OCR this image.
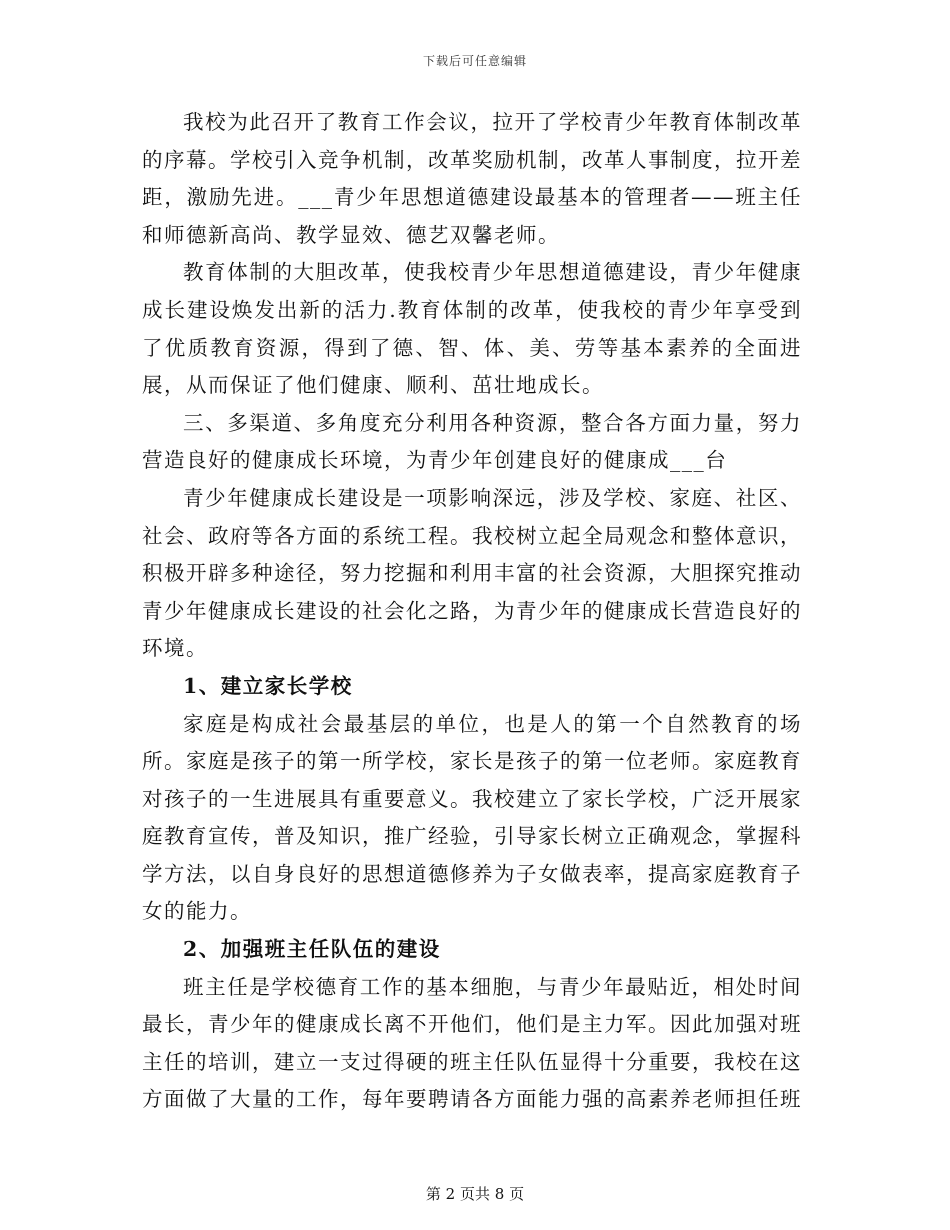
下载后可任意编辑

我校为此召开了教育工作会议，拉开了学校青少年教育体制改革的序幕。学校引入竞争机制，改革奖励机制，改革人事制度，拉开差距，激励先进。___青少年思想道德建设最基本的管理者——班主任和师德新高尚、教学显效、德艺双馨老师。

教育体制的大胆改革，使我校青少年思想道德建设，青少年健康成长建设焕发出新的活力.教育体制的改革，使我校的青少年享受到了优质教育资源，得到了德、智、体、美、劳等基本素养的全面进展，从而保证了他们健康、顺利、茁壮地成长。

三、多渠道、多角度充分利用各种资源，整合各方面力量，努力营造良好的健康成长环境，为青少年创建良好的健康成___台

青少年健康成长建设是一项影响深远，涉及学校、家庭、社区、社会、政府等各方面的系统工程。我校树立起全局观念和整体意识，积极开辟多种途径，努力挖掘和利用丰富的社会资源，大胆探究推动青少年健康成长建设的社会化之路，为青少年的健康成长营造良好的环境。

1、建立家长学校

家庭是构成社会最基层的单位，也是人的第一个自然教育的场所。家庭是孩子的第一所学校，家长是孩子的第一位老师。家庭教育对孩子的一生进展具有重要意义。我校建立了家长学校，广泛开展家庭教育宣传，普及知识，推广经验，引导家长树立正确观念，掌握科学方法，以自身良好的思想道德修养为子女做表率，提高家庭教育子女的能力。

2、加强班主任队伍的建设

班主任是学校德育工作的基本细胞，与青少年最贴近，相处时间最长，青少年的健康成长离不开他们，他们是主力军。因此加强对班主任的培训，建立一支过得硬的班主任队伍显得十分重要，我校在这方面做了大量的工作，每年要聘请各方面能力强的高素养老师担任班

第 2 页共 8 页
